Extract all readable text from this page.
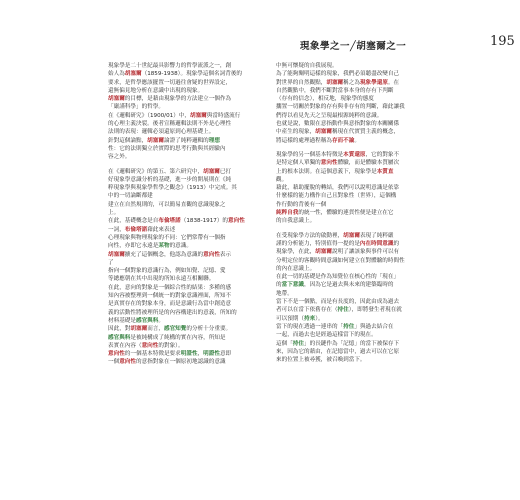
現象學之一╱胡塞爾之一	195
現象學是二十世紀最具影響力的哲學流派之一，創
始人為胡塞爾（1859-1938）。現象學這個名詞背後的
要求，是哲學應該擺置一切過往會疑的世界設定，
還無偏見地分析在意識中出現的現象。
胡塞爾的目標，是藉由現象學的方法建立一個作為
「嚴謹科學」的哲學。
在《邏輯研究》（1900/01）中，胡塞爾與當時盛流行
的心理主義決裂。後者宣稱邏輯法則不外是心理性
法則的表現：邏輯必須還原到心理基礎上。
針對這個論點，胡塞爾論證了純粹邏輯的理想
性：它的法則獨立於實際的思考行動與其經驗內
容之外。
在《邏輯研究》的第五、第六研究中，胡塞爾已打
好現象學意識分析的基礎，進一步的開展則在《純
粹現象學與現象學哲學之觀念》（1913）中完成。其
中的一切論斷都建
建立在自然規則的，可以簡易直觀的意識現象之
上。
在此，基礎概念是自布倫塔諾（1838-1917）的意向性
一詞，布倫塔諾藉此來表述
心理現象與物理現象的不同：它們常帶有一個指
向性，亦即它永遠是某物的意識。
胡塞爾擴充了這個概念，他認為意識的意向性表示
了
指向一個對象的意識行為，例如知覺、記憶、愛
等總應朝在其中出現的所知永遠互相關聯。
在此，意向的對象是一個綜合性的結果：多種的感
知內容被整理到一個統一的對象意識裡面，所知不
是真實存在的對象本身，而是意識行為當中創造意
義的活動性將被理所是的內容構建出的意義，所知的
材料基礎是感官與料。
因此，對胡塞爾而言，感官知覺的分析十分重要。
感官與料是被純構成了純構的實在內容，所知是
表實在內容（意向性的對象）。
意向性的一個基本特徵是要求明證性，明證性意即
一個意向性的意指對象在一個原初地認識的意識
中無可懷疑的自我展現。
為了能夠闡明這樣的現象，我們必須聽盡改變自己
對世界的自然觀點，胡塞爾稱之為現象學還原。在
自然觀點中，我們不斷對當事本身的存有下判斷
（存有的信念），相反地，現象學的態度
擱置一切關於對象的存有與非存有的判斷，藉此讓我
們得以看見先天之呈現最根源純粹的意識。
也就是說，數限在意指動作與意指對象的本關關係
中產生的現象，胡塞爾稱現在代實質主義的概念，
將這樣的處理過程稱為存而不論。
現象學的另一個基本特徵是本質還原，它的對象不
是特定個人單獨的意向性體驗，而是體驗本質屬次
上的根本法則。在這個意義下，現象學是本質直
觀。
藉此，藉助擺脫的轉結，我們可以說明意識是依靠
什麼樣的能力構作自己且對象性（世界），這個構
作行動的背後有一個
純粹自我的統一性，體驗的連貫性便是建立在它
的自我意識上。
在受現象學方法的啟動裡，胡塞爾表現了純粹嚴
謹的分析能力，特別值得一提的是內在時間意識的
現象學，在此，胡塞爾說明了讓該象與事件可以有
分明定位的客觀時間意識如何建立在對體驗的時間性
的內在意識上。
在此一切的基礎是作為知覺位在核心性的「現在」
的當下意識，因為它是過去與未來的建築臨時的
地帶。
當下不是一個點，而是有長度的，因此由成為過去
者可以在當下依舊存在（持住），即將發生者現在就
可以預期（持來）。
當下的現在透過一連串的「持住」與過去結合在
一起，而過去也是經過這樣當下的現在。
這個「持住」的長鏈作為「記憶」的當下被保存下
來，因為它的藉由，在記憶當中，過去可以在它原
來的位置上被尋獲，被召喚到當下。
